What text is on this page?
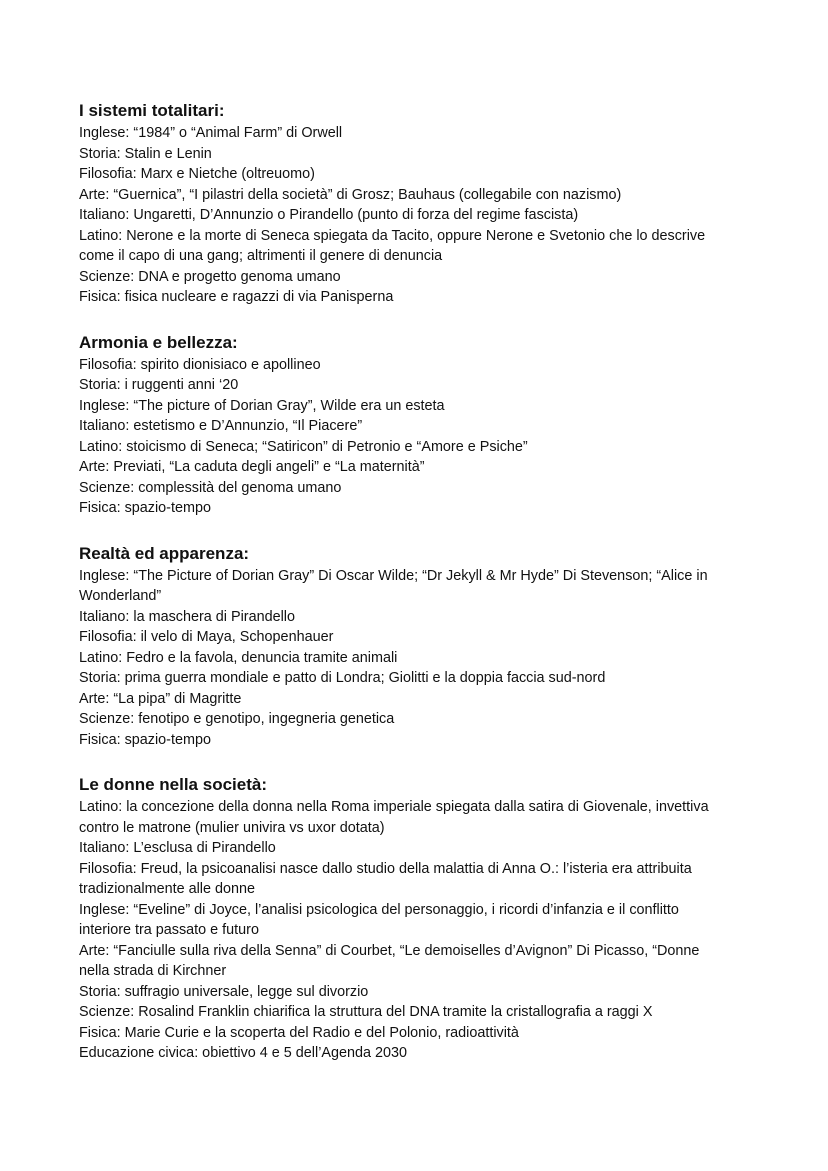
I sistemi totalitari:
Inglese: “1984” o “Animal Farm” di Orwell
Storia: Stalin e Lenin
Filosofia: Marx e Nietche (oltreuomo)
Arte: “Guernica”, “I pilastri della società” di Grosz; Bauhaus (collegabile con nazismo)
Italiano: Ungaretti, D’Annunzio o Pirandello (punto di forza del regime fascista)
Latino: Nerone e la morte di Seneca spiegata da Tacito, oppure Nerone e Svetonio che lo descrive
come il capo di una gang; altrimenti il genere di denuncia
Scienze: DNA e progetto genoma umano
Fisica: fisica nucleare e ragazzi di via Panisperna
Armonia e bellezza:
Filosofia: spirito dionisiaco e apollineo
Storia: i ruggenti anni ‘20
Inglese: “The picture of Dorian Gray”, Wilde era un esteta
Italiano: estetismo e D’Annunzio, “Il Piacere”
Latino: stoicismo di Seneca; “Satiricon” di Petronio e “Amore e Psiche”
Arte: Previati, “La caduta degli angeli” e “La maternità”
Scienze: complessità del genoma umano
Fisica: spazio-tempo
Realtà ed apparenza:
Inglese: “The Picture of Dorian Gray” Di Oscar Wilde; “Dr Jekyll & Mr Hyde” Di Stevenson; “Alice in
Wonderland”
Italiano: la maschera di Pirandello
Filosofia: il velo di Maya, Schopenhauer
Latino: Fedro e la favola, denuncia tramite animali
Storia: prima guerra mondiale e patto di Londra; Giolitti e la doppia faccia sud-nord
Arte: “La pipa” di Magritte
Scienze: fenotipo e genotipo, ingegneria genetica
Fisica: spazio-tempo
Le donne nella società:
Latino: la concezione della donna nella Roma imperiale spiegata dalla satira di Giovenale, invettiva
contro le matrone (mulier univira vs uxor dotata)
Italiano: L’esclusa di Pirandello
Filosofia: Freud, la psicoanalisi nasce dallo studio della malattia di Anna O.: l’isteria era attribuita
tradizionalmente alle donne
Inglese: “Eveline” di Joyce, l’analisi psicologica del personaggio, i ricordi d’infanzia e il conflitto
interiore tra passato e futuro
Arte: “Fanciulle sulla riva della Senna” di Courbet, “Le demoiselles d’Avignon” Di Picasso, “Donne
nella strada di Kirchner
Storia: suffragio universale, legge sul divorzio
Scienze: Rosalind Franklin chiarifica la struttura del DNA tramite la cristallografia a raggi X
Fisica: Marie Curie e la scoperta del Radio e del Polonio, radioattività
Educazione civica: obiettivo 4 e 5 dell’Agenda 2030
